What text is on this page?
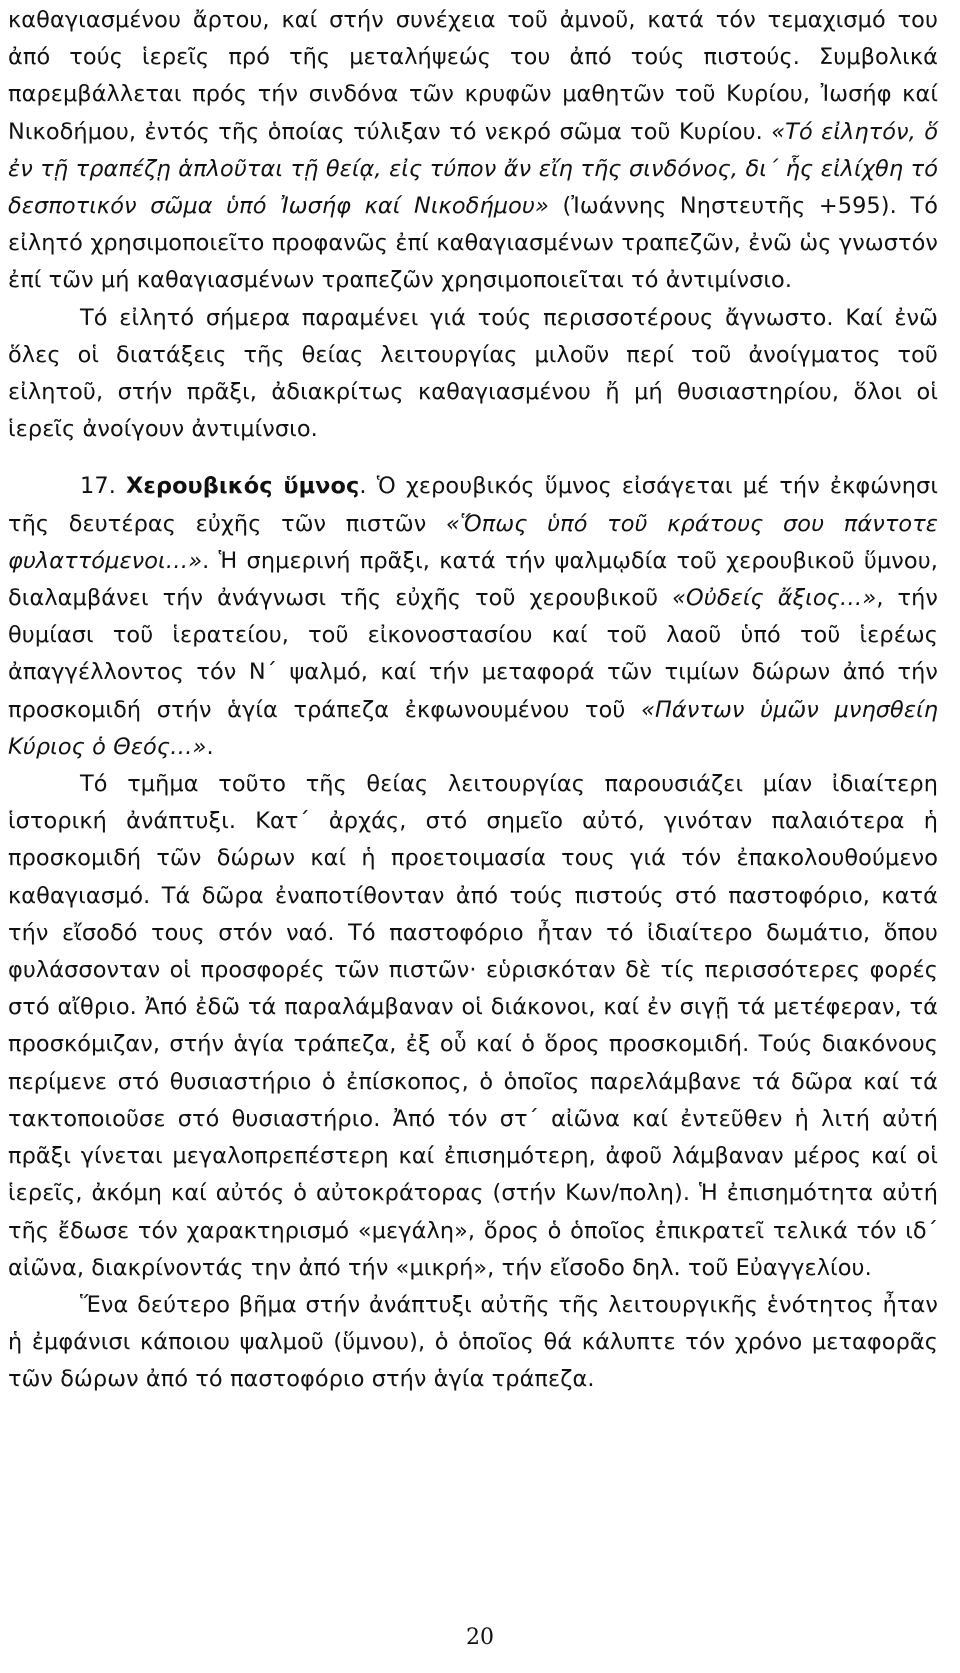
καθαγιασμένου ἄρτου, καί στήν συνέχεια τοῦ ἀμνοῦ, κατά τόν τεμαχισμό του ἀπό τούς ἱερεῖς πρό τῆς μεταλήψεώς του ἀπό τούς πιστούς. Συμβολικά παρεμβάλλεται πρός τήν σινδόνα τῶν κρυφῶν μαθητῶν τοῦ Κυρίου, Ἰωσήφ καί Νικοδήμου, ἐντός τῆς ὁποίας τύλιξαν τό νεκρό σῶμα τοῦ Κυρίου. «Τό εἰλητόν, ὅ ἐν τῇ τραπέζῃ ἁπλοῦται τῇ θείᾳ, εἰς τύπον ἄν εἴη τῆς σινδόνος, δι΄ ἧς εἰλίχθη τό δεσποτικόν σῶμα ὑπό Ἰωσήφ καί Νικοδήμου» (Ἰωάννης Νηστευτῆς +595). Τό εἰλητό χρησιμοποιεῖτο προφανῶς ἐπί καθαγιασμένων τραπεζῶν, ἐνῶ ὡς γνωστόν ἐπί τῶν μή καθαγιασμένων τραπεζῶν χρησιμοποιεῖται τό ἀντιμίνσιο.

Τό εἰλητό σήμερα παραμένει γιά τούς περισσοτέρους ἄγνωστο. Καί ἐνῶ ὅλες οἱ διατάξεις τῆς θείας λειτουργίας μιλοῦν περί τοῦ ἀνοίγματος τοῦ εἰλητοῦ, στήν πρᾶξι, ἀδιακρίτως καθαγιασμένου ἤ μή θυσιαστηρίου, ὅλοι οἱ ἱερεῖς ἀνοίγουν ἀντιμίνσιο.

17. Χερουβικός ὕμνος. Ὁ χερουβικός ὕμνος εἰσάγεται μέ τήν ἐκφώνησι τῆς δευτέρας εὐχῆς τῶν πιστῶν «Ὅπως ὑπό τοῦ κράτους σου πάντοτε φυλαττόμενοι…». Ἡ σημερινή πρᾶξι, κατά τήν ψαλμῳδία τοῦ χερουβικοῦ ὕμνου, διαλαμβάνει τήν ἀνάγνωσι τῆς εὐχῆς τοῦ χερουβικοῦ «Οὐδείς ἄξιος…», τήν θυμίασι τοῦ ἱερατείου, τοῦ εἰκονοστασίου καί τοῦ λαοῦ ὑπό τοῦ ἱερέως ἀπαγγέλλοντος τόν Ν΄ ψαλμό, καί τήν μεταφορά τῶν τιμίων δώρων ἀπό τήν προσκομιδή στήν ἁγία τράπεζα ἐκφωνουμένου τοῦ «Πάντων ὑμῶν μνησθείη Κύριος ὁ Θεός…».

Τό τμῆμα τοῦτο τῆς θείας λειτουργίας παρουσιάζει μίαν ἰδιαίτερη ἱστορική ἀνάπτυξι. Κατ΄ ἀρχάς, στό σημεῖο αὐτό, γινόταν παλαιότερα ἡ προσκομιδή τῶν δώρων καί ἡ προετοιμασία τους γιά τόν ἐπακολουθούμενο καθαγιασμό. Τά δῶρα ἐναποτίθονταν ἀπό τούς πιστούς στό παστοφόριο, κατά τήν εἴσοδό τους στόν ναό. Τό παστοφόριο ἦταν τό ἰδιαίτερο δωμάτιο, ὅπου φυλάσσονταν οἱ προσφορές τῶν πιστῶν· εὑρισκόταν δὲ τίς περισσότερες φορές στό αἴθριο. Ἀπό ἐδῶ τά παραλάμβαναν οἱ διάκονοι, καί ἐν σιγῇ τά μετέφεραν, τά προσκόμιζαν, στήν ἁγία τράπεζα, ἐξ οὗ καί ὁ ὅρος προσκομιδή. Τούς διακόνους περίμενε στό θυσιαστήριο ὁ ἐπίσκοπος, ὁ ὁποῖος παρελάμβανε τά δῶρα καί τά τακτοποιοῦσε στό θυσιαστήριο. Ἀπό τόν στ΄ αἰῶνα καί ἐντεῦθεν ἡ λιτή αὐτή πρᾶξι γίνεται μεγαλοπρεπέστερη καί ἐπισημότερη, ἀφοῦ λάμβαναν μέρος καί οἱ ἱερεῖς, ἀκόμη καί αὐτός ὁ αὐτοκράτορας (στήν Κων/πολη). Ἡ ἐπισημότητα αὐτή τῆς ἔδωσε τόν χαρακτηρισμό «μεγάλη», ὅρος ὁ ὁποῖος ἐπικρατεῖ τελικά τόν ιδ΄ αἰῶνα, διακρίνοντάς την ἀπό τήν «μικρή», τήν εἴσοδο δηλ. τοῦ Εὐαγγελίου.

Ἕνα δεύτερο βῆμα στήν ἀνάπτυξι αὐτῆς τῆς λειτουργικῆς ἑνότητος ἦταν ἡ ἐμφάνισι κάποιου ψαλμοῦ (ὕμνου), ὁ ὁποῖος θά κάλυπτε τόν χρόνο μεταφορᾶς τῶν δώρων ἀπό τό παστοφόριο στήν ἁγία τράπεζα.

20
